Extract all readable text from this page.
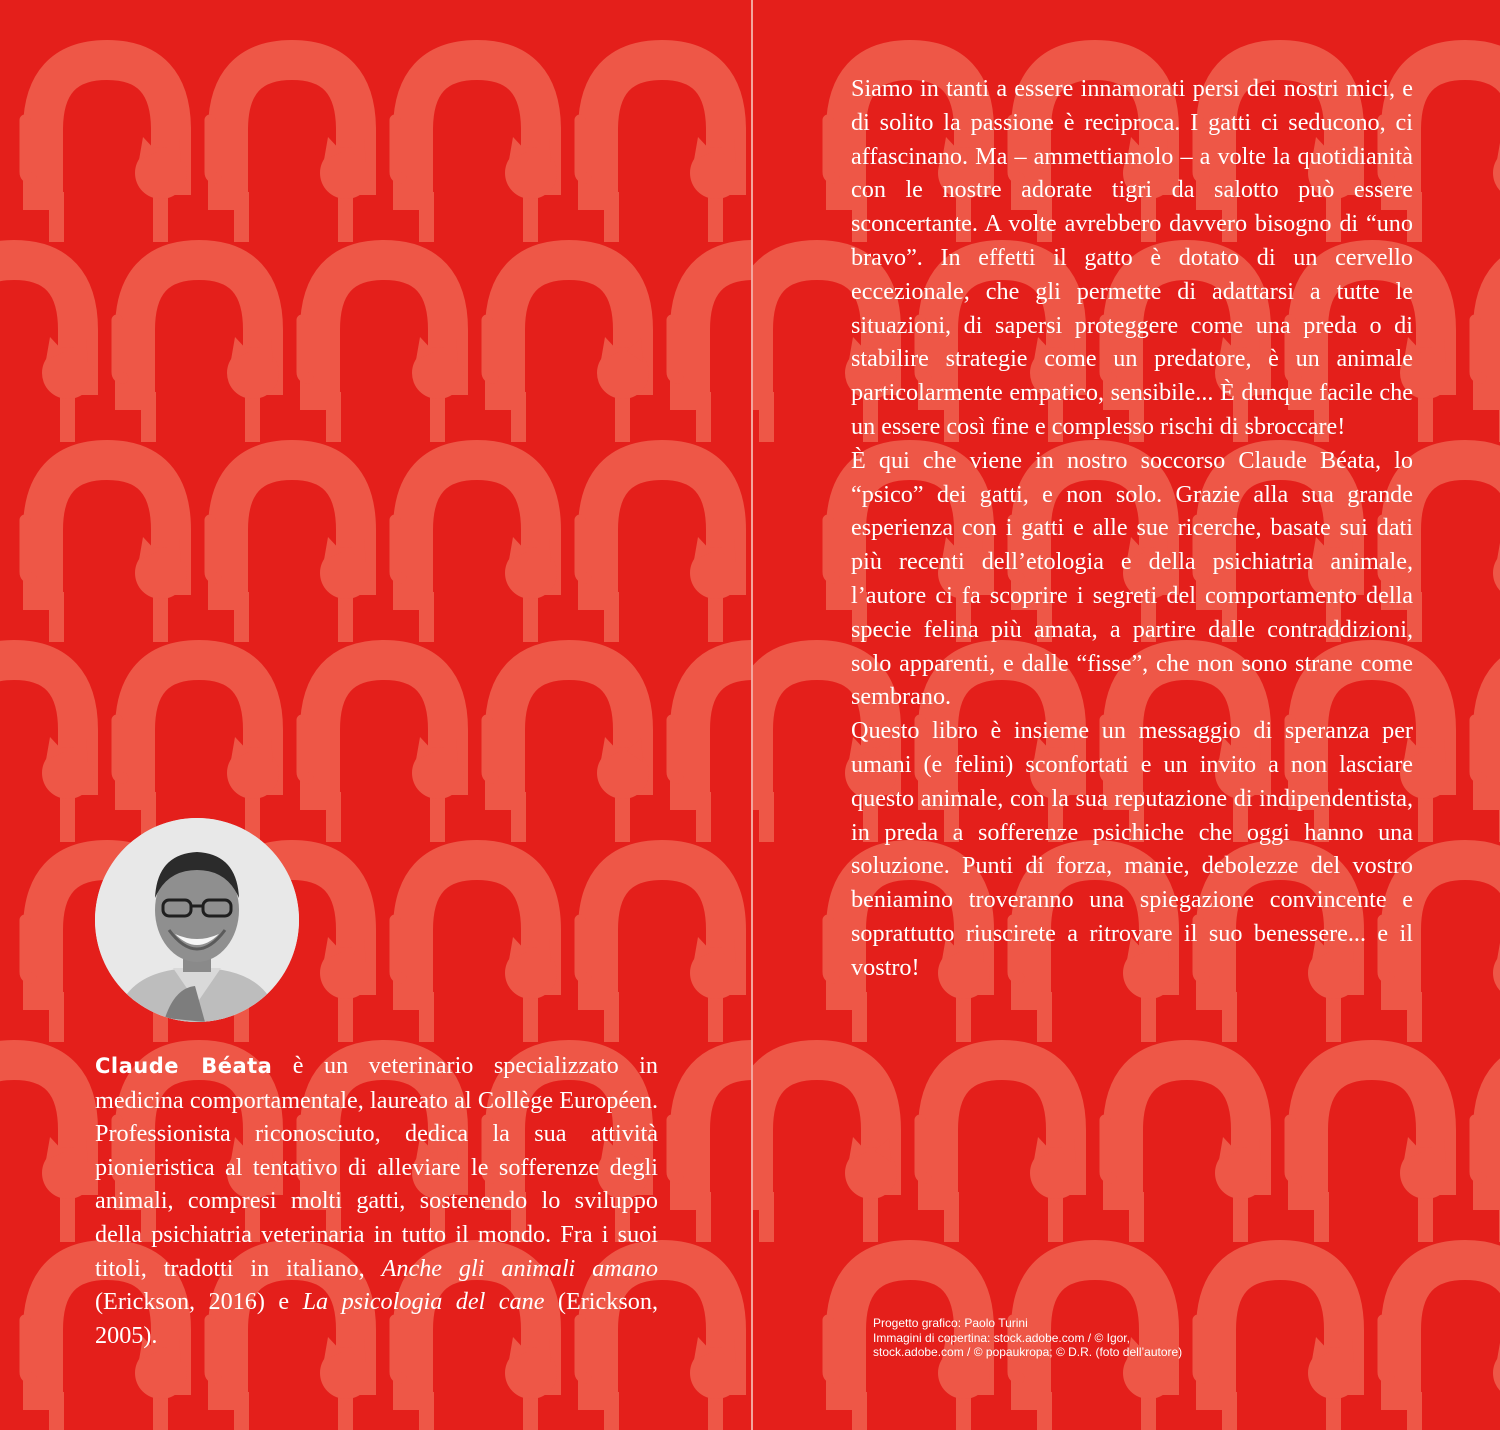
Claude Béata è un veterinario specializzato in medicina comportamentale, laureato al Collège Européen. Professionista riconosciuto, dedica la sua attività pionieristica al tentativo di alleviare le sofferenze degli animali, compresi molti gatti, sostenendo lo sviluppo della psichiatria veterinaria in tutto il mondo. Fra i suoi titoli, tradotti in italiano, Anche gli animali amano (Erickson, 2016) e La psicologia del cane (Erickson, 2005).

Siamo in tanti a essere innamorati persi dei nostri mici, e di solito la passione è reciproca. I gatti ci seducono, ci affascinano. Ma – ammettiamolo – a volte la quotidianità con le nostre adorate tigri da salotto può essere sconcertante. A volte avrebbero davvero bisogno di “uno bravo”. In effetti il gatto è dotato di un cervello eccezionale, che gli permette di adattarsi a tutte le situazioni, di sapersi proteggere come una preda o di stabilire strategie come un predatore, è un animale particolarmente empatico, sensibile... È dunque facile che un essere così fine e complesso rischi di sbroccare!

È qui che viene in nostro soccorso Claude Béata, lo “psico” dei gatti, e non solo. Grazie alla sua grande esperienza con i gatti e alle sue ricerche, basate sui dati più recenti dell’etologia e della psichiatria animale, l’autore ci fa scoprire i segreti del comportamento della specie felina più amata, a partire dalle contraddizioni, solo apparenti, e dalle “fisse”, che non sono strane come sembrano.

Questo libro è insieme un messaggio di speranza per umani (e felini) sconfortati e un invito a non lasciare questo animale, con la sua reputazione di indipendentista, in preda a sofferenze psichiche che oggi hanno una soluzione. Punti di forza, manie, debolezze del vostro beniamino troveranno una spiegazione convincente e soprattutto riuscirete a ritrovare il suo benessere... e il vostro!

Progetto grafico: Paolo Turini
Immagini di copertina: stock.adobe.com / © Igor,
stock.adobe.com / © popaukropa; © D.R. (foto dell’autore)
